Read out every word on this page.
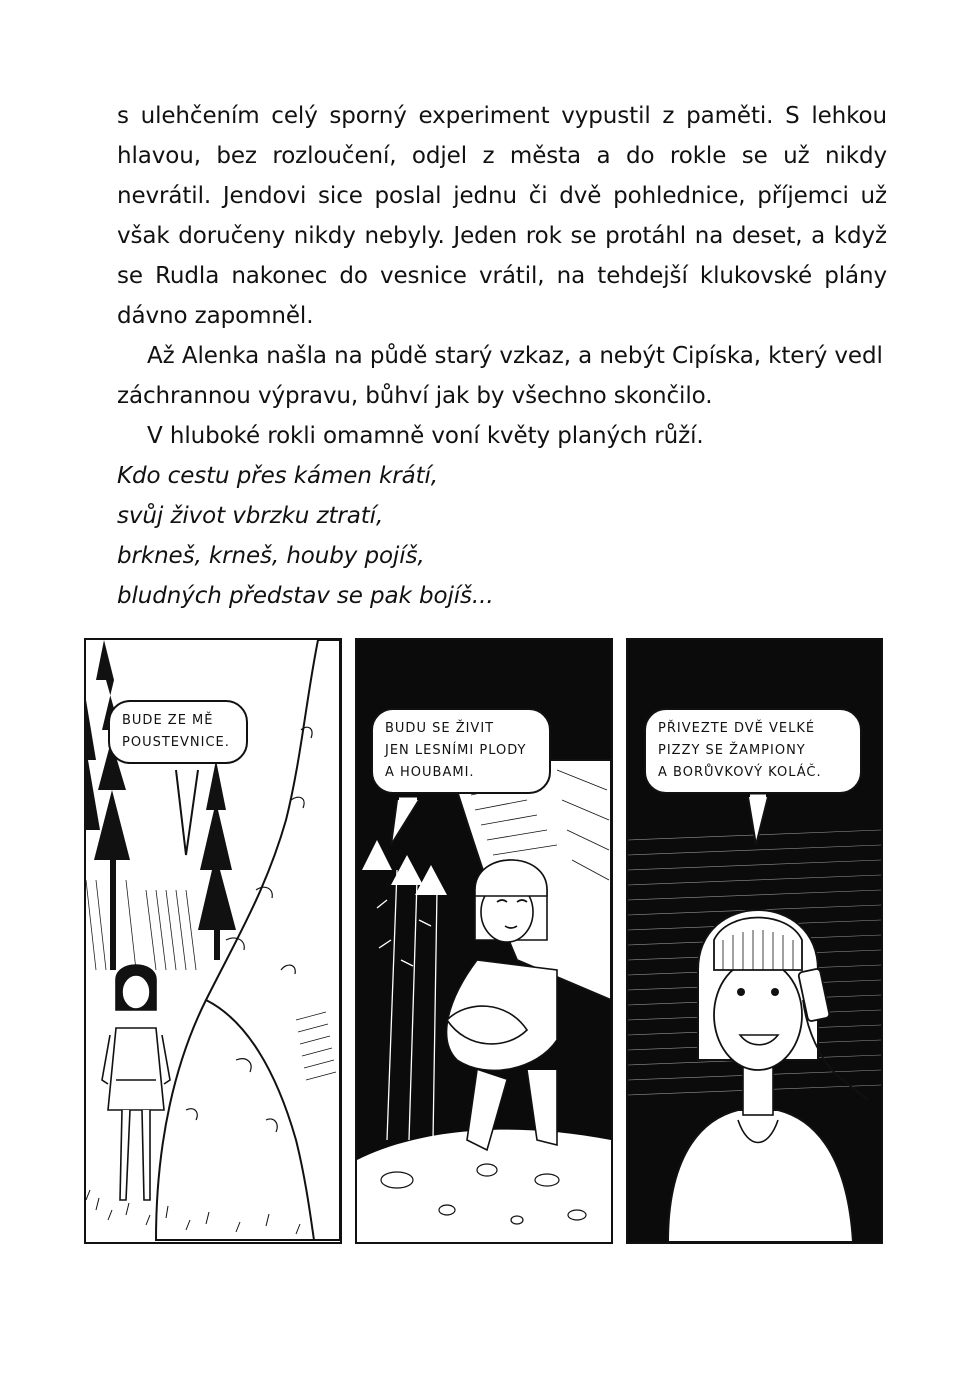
s ulehčením celý sporný experiment vypustil z paměti. S lehkou hlavou, bez rozloučení, odjel z města a do rokle se už nikdy nevrátil. Jendovi sice poslal jednu či dvě pohlednice, příjemci už však doručeny nikdy nebyly. Jeden rok se protáhl na deset, a když se Rudla nakonec do vesnice vrátil, na tehdejší klukovské plány dávno zapomněl.

Až Alenka našla na půdě starý vzkaz, a nebýt Cipíska, který vedl záchrannou výpravu, bůhví jak by všechno skončilo.

V hluboké rokli omamně voní květy planých růží.

Kdo cestu přes kámen krátí,

svůj život vbrzku ztratí,

brkneš, krneš, houby pojíš,

bludných představ se pak bojíš...

BUDE ZE MĚ
POUSTEVNICE.
BUDU SE ŽIVIT
JEN LESNÍMI PLODY
A HOUBAMI.
PŘIVEZTE DVĚ VELKÉ
PIZZY SE ŽAMPIONY
A BORŮVKOVÝ KOLÁČ.
